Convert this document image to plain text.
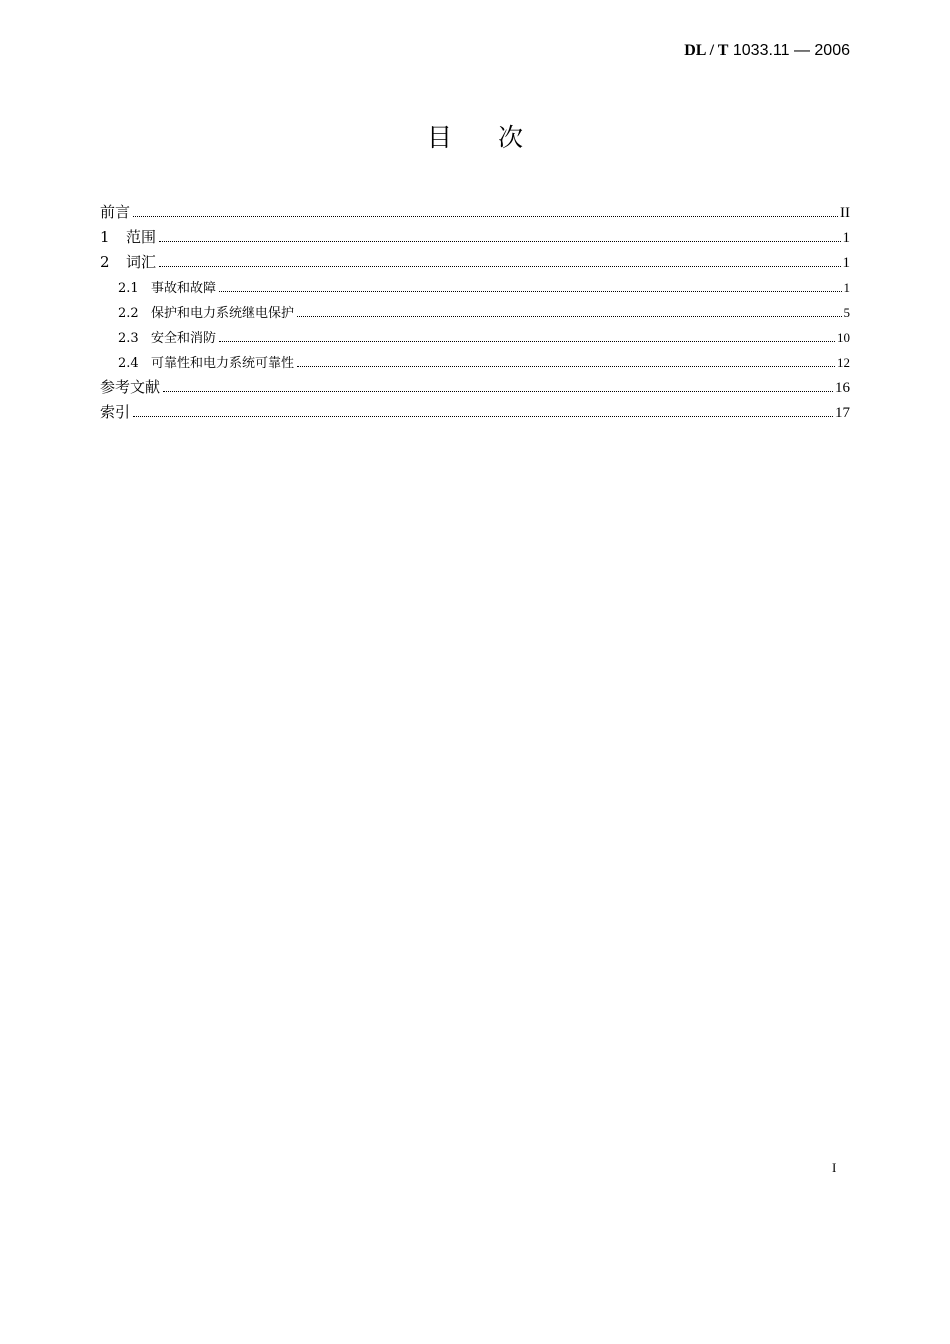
DL / T 1033.11 — 2006
目次
前言	II
1	范围	1
2	词汇	1
2.1 事故和故障	1
2.2 保护和电力系统继电保护	5
2.3 安全和消防	10
2.4 可靠性和电力系统可靠性	12
参考文献	16
索引	17
I
